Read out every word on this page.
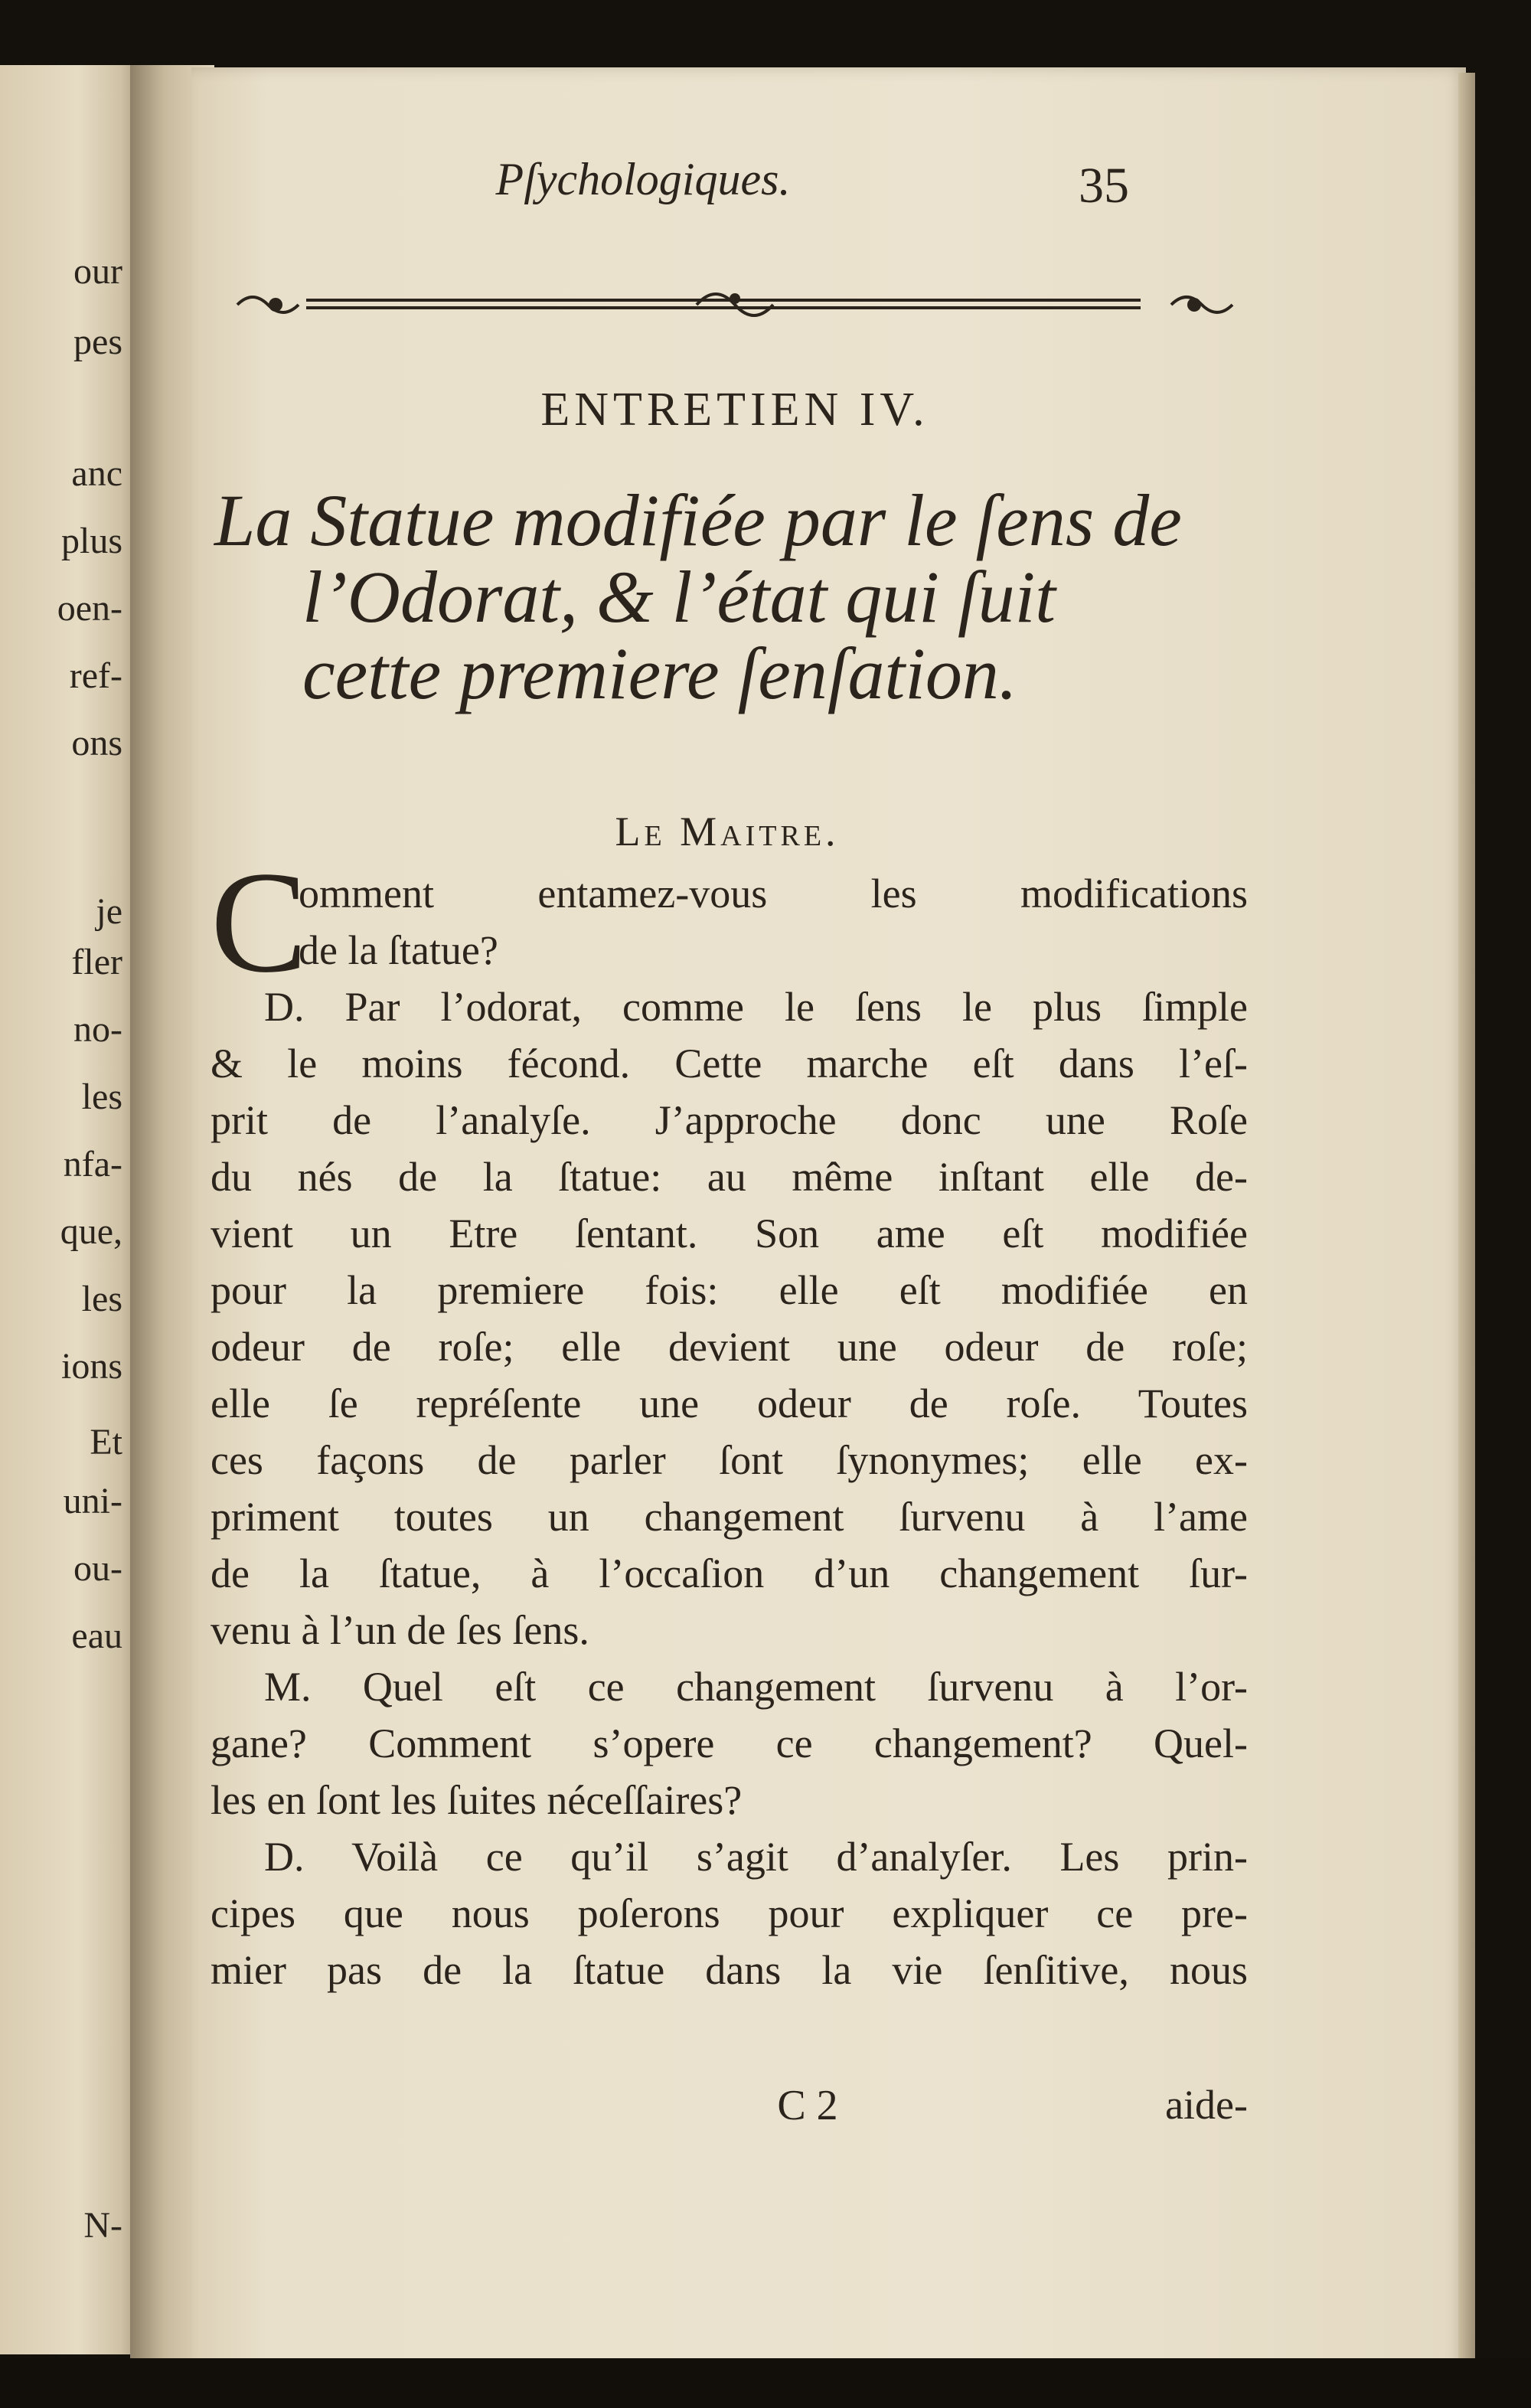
our
pes
anc
plus
oen-
ref-
ons
je
fler
no-
les
nfa-
que,
les
ions
Et
uni-
ou-
eau
N-
Pſychologiques.	35
ENTRETIEN IV.
La Statue modifiée par le ſens de
l’Odorat, & l’état qui ſuit
cette premiere ſenſation.
Le Maitre.
C
omment entamez-vous les modifications
de la ſtatue?
D. Par l’odorat, comme le ſens le plus ſimple
& le moins fécond. Cette marche eſt dans l’eſ-
prit de l’analyſe. J’approche donc une Roſe
du nés de la ſtatue: au même inſtant elle de-
vient un Etre ſentant. Son ame eſt modifiée
pour la premiere fois: elle eſt modifiée en
odeur de roſe; elle devient une odeur de roſe;
elle ſe repréſente une odeur de roſe. Toutes
ces façons de parler ſont ſynonymes; elle ex-
priment toutes un changement ſurvenu à l’ame
de la ſtatue, à l’occaſion d’un changement ſur-
venu à l’un de ſes ſens.
M. Quel eſt ce changement ſurvenu à l’or-
gane? Comment s’opere ce changement? Quel-
les en ſont les ſuites néceſſaires?
D. Voilà ce qu’il s’agit d’analyſer. Les prin-
cipes que nous poſerons pour expliquer ce pre-
mier pas de la ſtatue dans la vie ſenſitive, nous
C 2	aide-
